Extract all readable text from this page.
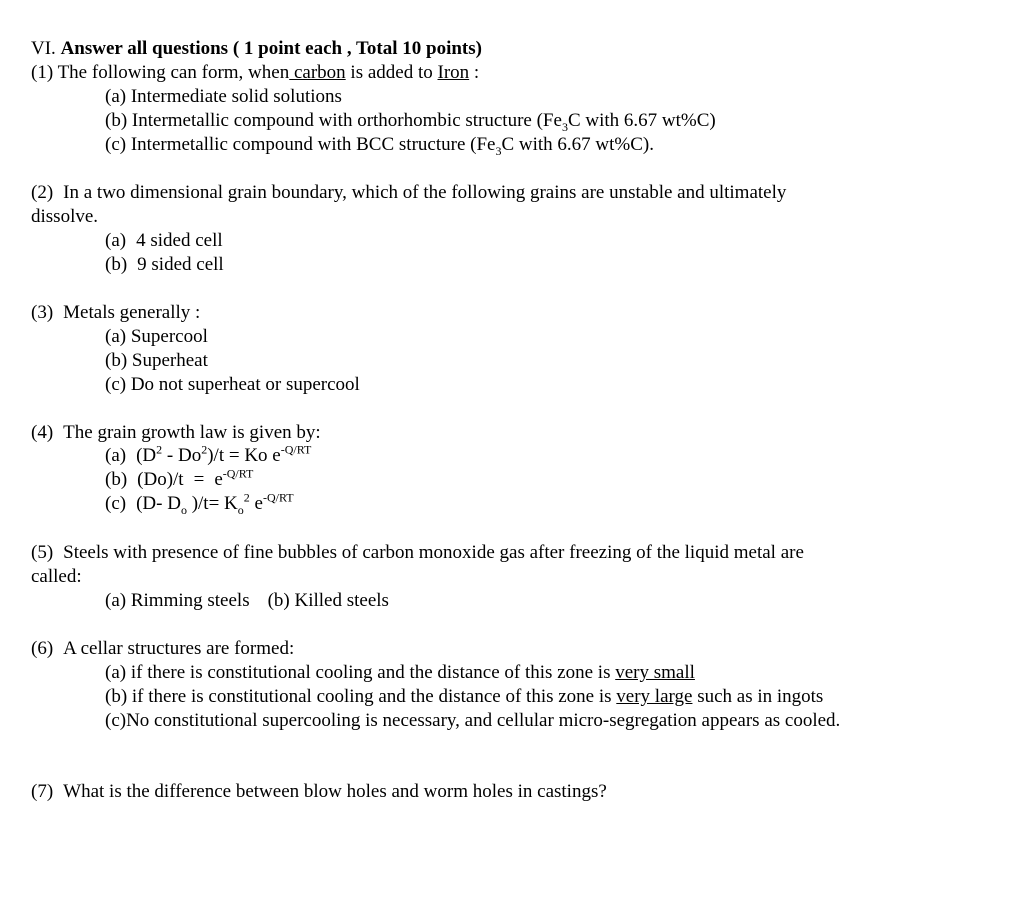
VI. Answer all questions ( 1 point each , Total 10 points)
(1) The following can form, when carbon is added to Iron :
(a) Intermediate solid solutions
(b) Intermetallic compound with orthorhombic structure ($Fe_3C$ with 6.67 wt%C)
(c) Intermetallic compound with BCC structure ($Fe_3C$ with 6.67 wt%C).
(2) In a two dimensional grain boundary, which of the following grains are unstable and ultimately
dissolve.
(a) 4 sided cell
(b) 9 sided cell
(3) Metals generally :
(a) Supercool
(b) Superheat
(c) Do not superheat or supercool
(4) The grain growth law is given by:
(a) $(D^2 - Do^2)/t = Ko$ $e^{-Q/RT}$
(b) $(Do)/t = e^{-Q/RT}$
(c) (D- $D_o$ )$/t= K_o^2$ $e^{-Q/RT}$
(5) Steels with presence of fine bubbles of carbon monoxide gas after freezing of the liquid metal are
called:
(a) Rimming steels (b) Killed steels
(6) A cellar structures are formed:
(a) if there is constitutional cooling and the distance of this zone is very small
(b) if there is constitutional cooling and the distance of this zone is very large such as in ingots
(c)No constitutional supercooling is necessary, and cellular micro-segregation appears as cooled.
(7) What is the difference between blow holes and worm holes in castings?
